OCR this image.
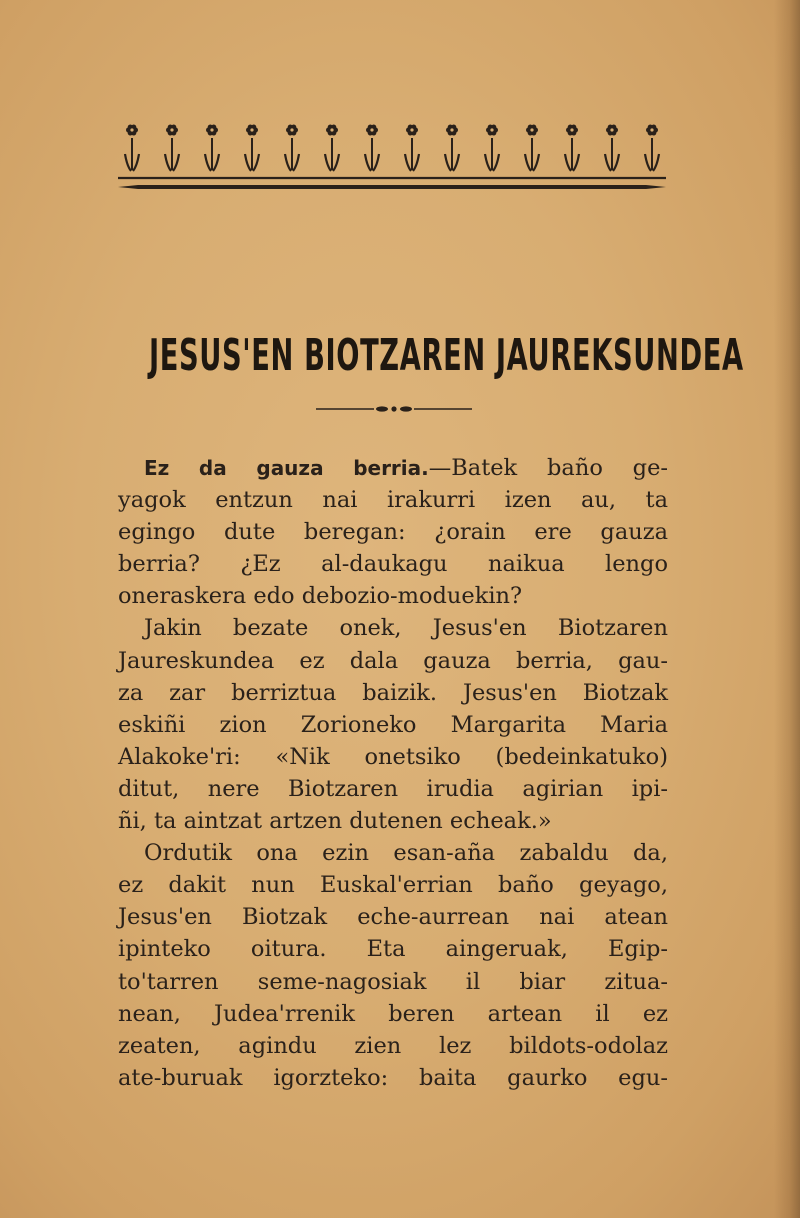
JESUS'EN BIOTZAREN JAUREKSUNDEA
Ez da gauza berria.—Batek baño ge-
yagok entzun nai irakurri izen au, ta
egingo dute beregan: ¿orain ere gauza
berria? ¿Ez al-daukagu naikua lengo
oneraskera edo debozio-moduekin?
Jakin bezate onek, Jesus'en Biotzaren
Jaureskundea ez dala gauza berria, gau-
za zar berriztua baizik. Jesus'en Biotzak
eskiñi zion Zorioneko Margarita Maria
Alakoke'ri: «Nik onetsiko (bedeinkatuko)
ditut, nere Biotzaren irudia agirian ipi-
ñi, ta aintzat artzen dutenen echeak.»
Ordutik ona ezin esan-aña zabaldu da,
ez dakit nun Euskal'errian baño geyago,
Jesus'en Biotzak eche-aurrean nai atean
ipinteko oitura. Eta aingeruak, Egip-
to'tarren seme-nagosiak il biar zitua-
nean, Judea'rrenik beren artean il ez
zeaten, agindu zien lez bildots-odolaz
ate-buruak igorzteko: baita gaurko egu-
